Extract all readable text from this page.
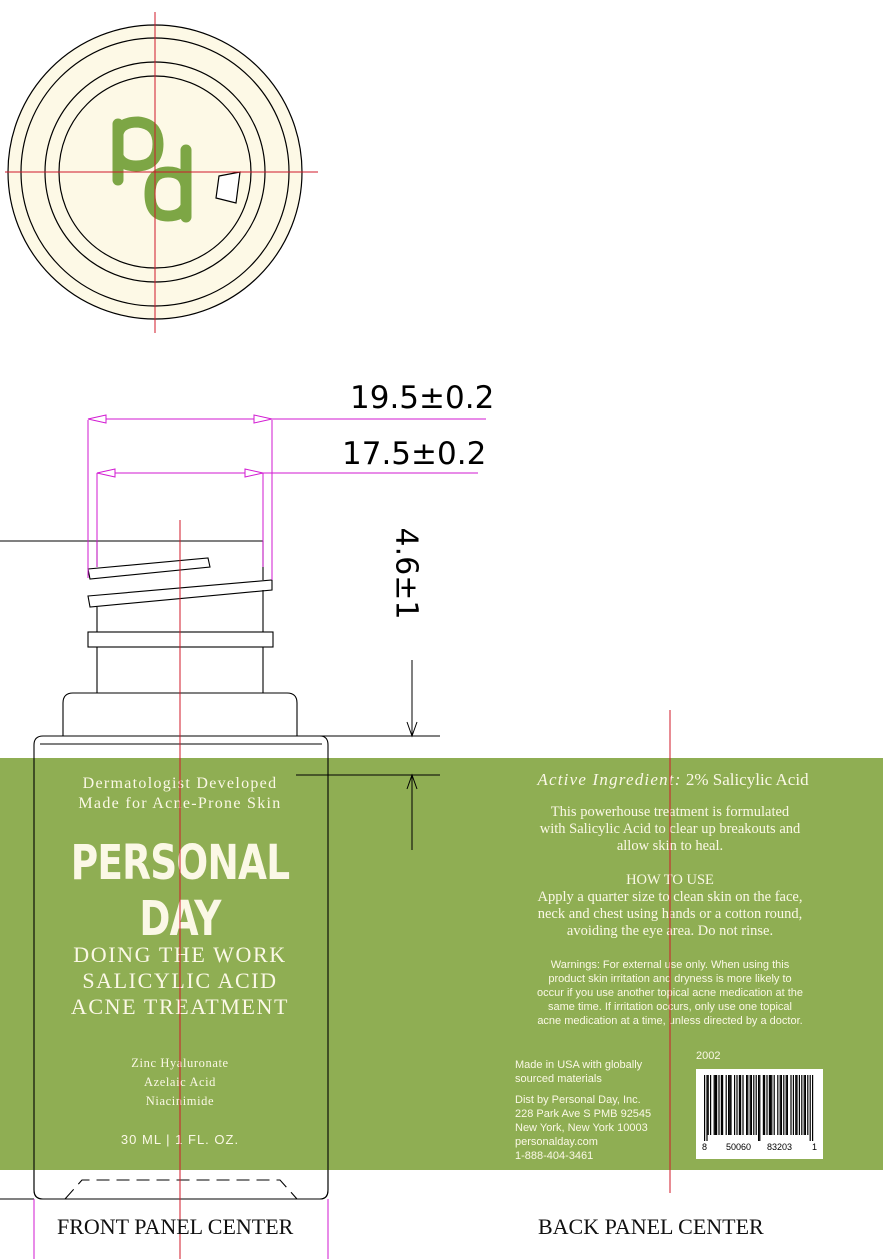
19.5±0.2
17.5±0.2
4.6±1
Dermatologist Developed
Made for Acne-Prone Skin
PERSONAL DAY
DOING THE WORK
SALICYLIC ACID
ACNE TREATMENT
Zinc Hyaluronate
Azelaic Acid
Niacinimide
30 ML | 1 FL. OZ.
Active Ingredient: 2% Salicylic Acid
This powerhouse treatment is formulated
with Salicylic Acid to clear up breakouts and
allow skin to heal.
HOW TO USE
Apply a quarter size to clean skin on the face,
neck and chest using hands or a cotton round,
avoiding the eye area. Do not rinse.
Warnings: For external use only. When using this
product skin irritation and dryness is more likely to
occur if you use another topical acne medication at the
same time. If irritation occurs, only use one topical
acne medication at a time, unless directed by a doctor.
Made in USA with globally
sourced materials
Dist by Personal Day, Inc.
228 Park Ave S PMB 92545
New York, New York 10003
personalday.com
1-888-404-3461
2002
8 50060 83203 1
FRONT PANEL CENTER	BACK PANEL CENTER
